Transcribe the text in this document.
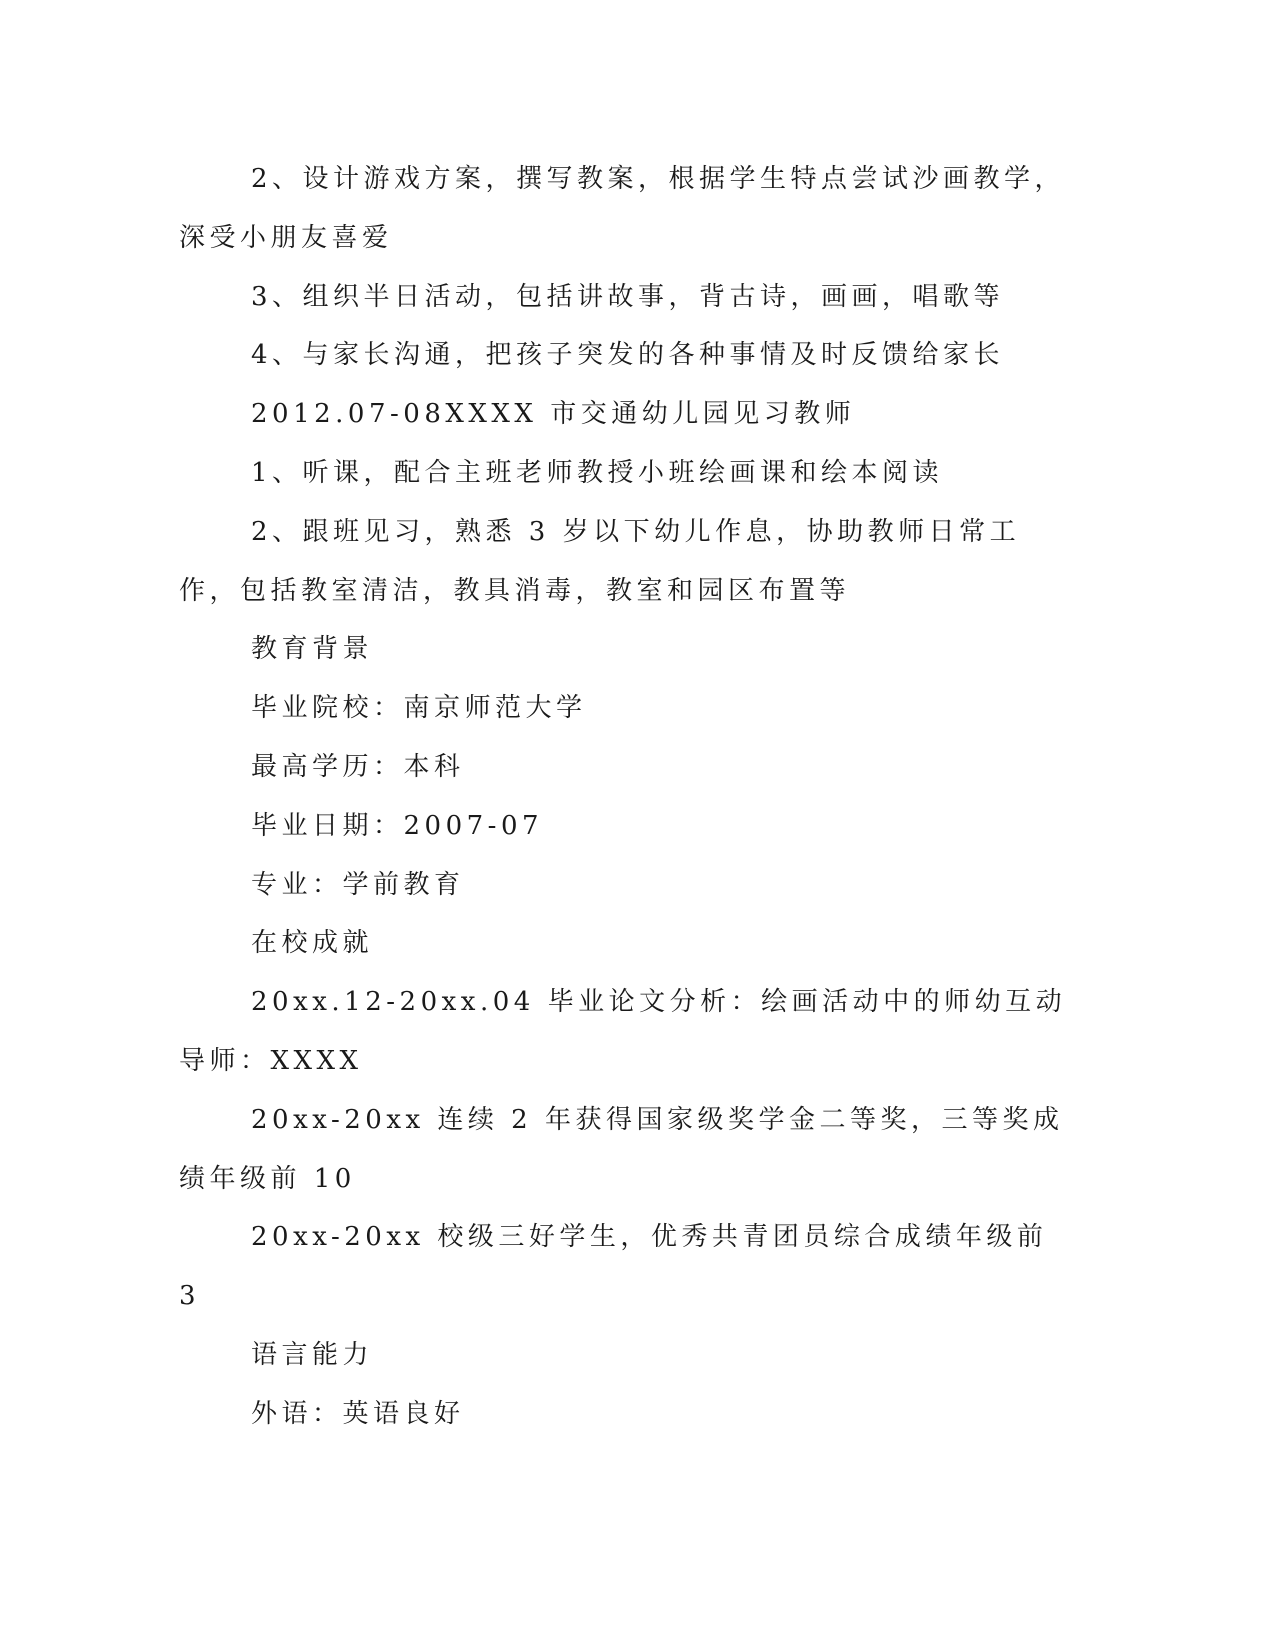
2、设计游戏方案，撰写教案，根据学生特点尝试沙画教学，深受小朋友喜爱

3、组织半日活动，包括讲故事，背古诗，画画，唱歌等

4、与家长沟通，把孩子突发的各种事情及时反馈给家长

2012.07-08XXXX 市交通幼儿园见习教师

1、听课，配合主班老师教授小班绘画课和绘本阅读

2、跟班见习，熟悉 3 岁以下幼儿作息，协助教师日常工作，包括教室清洁，教具消毒，教室和园区布置等

教育背景

毕业院校：南京师范大学

最高学历：本科

毕业日期：2007-07

专业：学前教育

在校成就

20xx.12-20xx.04 毕业论文分析：绘画活动中的师幼互动导师：XXXX

20xx-20xx 连续 2 年获得国家级奖学金二等奖，三等奖成绩年级前 10

20xx-20xx 校级三好学生，优秀共青团员综合成绩年级前 3

语言能力

外语：英语良好
